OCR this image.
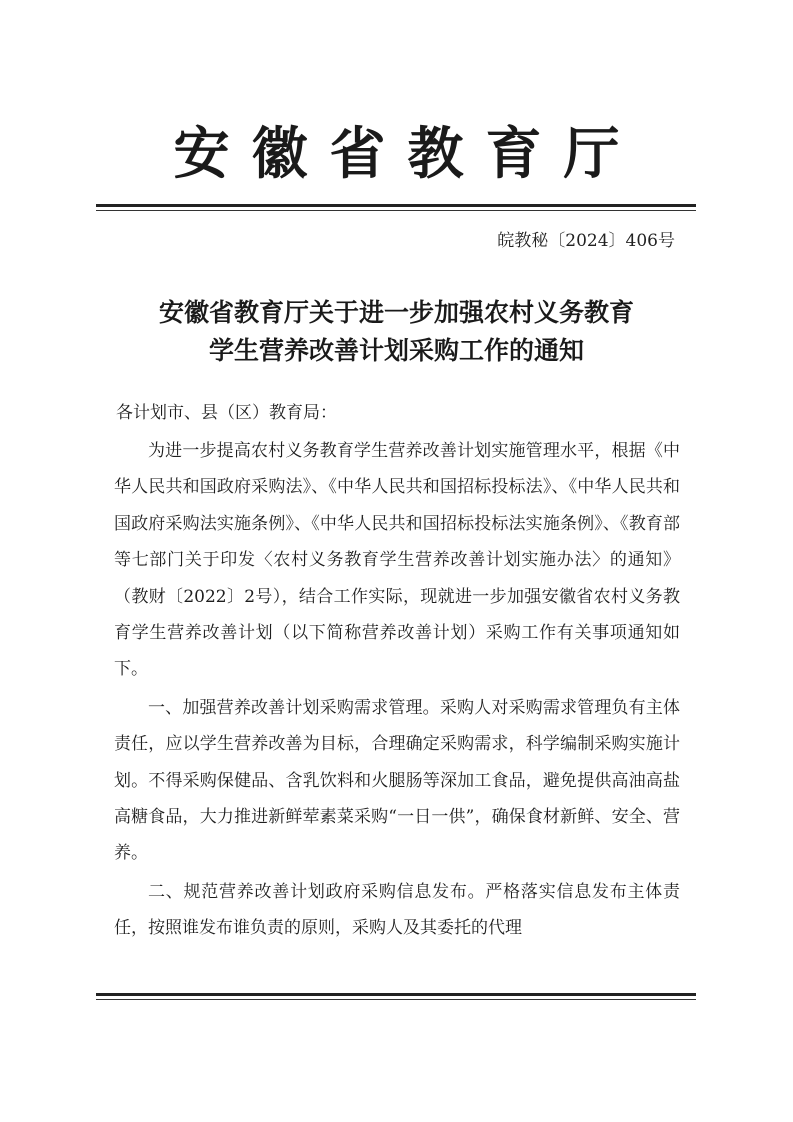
安徽省教育厅
皖教秘〔2024〕406号
安徽省教育厅关于进一步加强农村义务教育
学生营养改善计划采购工作的通知
各计划市、县（区）教育局：

为进一步提高农村义务教育学生营养改善计划实施管理水平，根据《中华人民共和国政府采购法》、《中华人民共和国招标投标法》、《中华人民共和国政府采购法实施条例》、《中华人民共和国招标投标法实施条例》、《教育部等七部门关于印发〈农村义务教育学生营养改善计划实施办法〉的通知》（教财〔2022〕2号），结合工作实际，现就进一步加强安徽省农村义务教育学生营养改善计划（以下简称营养改善计划）采购工作有关事项通知如下。

一、加强营养改善计划采购需求管理。采购人对采购需求管理负有主体责任，应以学生营养改善为目标，合理确定采购需求，科学编制采购实施计划。不得采购保健品、含乳饮料和火腿肠等深加工食品，避免提供高油高盐高糖食品，大力推进新鲜荤素菜采购“一日一供”，确保食材新鲜、安全、营养。

二、规范营养改善计划政府采购信息发布。严格落实信息发布主体责任，按照谁发布谁负责的原则，采购人及其委托的代理
